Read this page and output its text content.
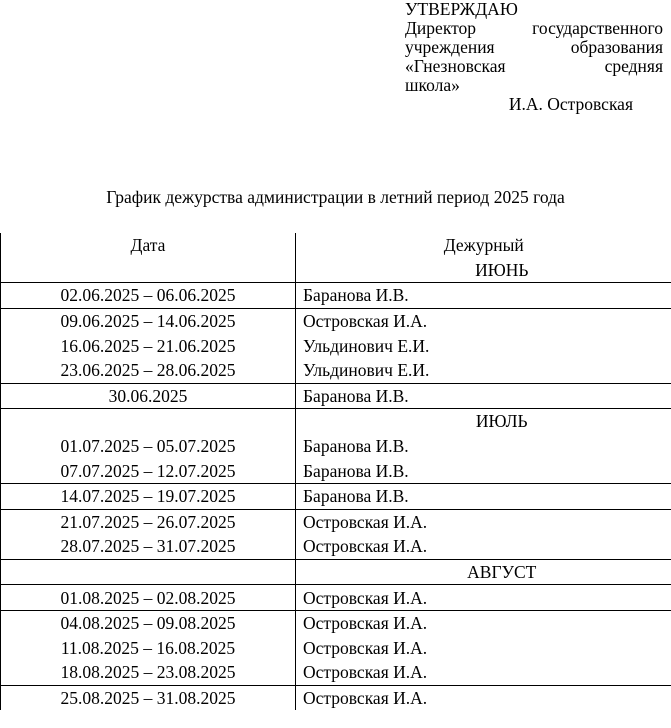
УТВЕРЖДАЮ
Директор государственного
учреждения образования
«Гнезновская средняя
школа»
И.А. Островская
График дежурства администрации в летний период 2025 года
Дата	Дежурный
	ИЮНЬ
02.06.2025 – 06.06.2025	Баранова И.В.
09.06.2025 – 14.06.2025	Островская И.А.
16.06.2025 – 21.06.2025	Ульдинович Е.И.
23.06.2025 – 28.06.2025	Ульдинович Е.И.
30.06.2025	Баранова И.В.
	ИЮЛЬ
01.07.2025 – 05.07.2025	Баранова И.В.
07.07.2025 – 12.07.2025	Баранова И.В.
14.07.2025 – 19.07.2025	Баранова И.В.
21.07.2025 – 26.07.2025	Островская И.А.
28.07.2025 – 31.07.2025	Островская И.А.
	АВГУСТ
01.08.2025 – 02.08.2025	Островская И.А.
04.08.2025 – 09.08.2025	Островская И.А.
11.08.2025 – 16.08.2025	Островская И.А.
18.08.2025 – 23.08.2025	Островская И.А.
25.08.2025 – 31.08.2025	Островская И.А.
